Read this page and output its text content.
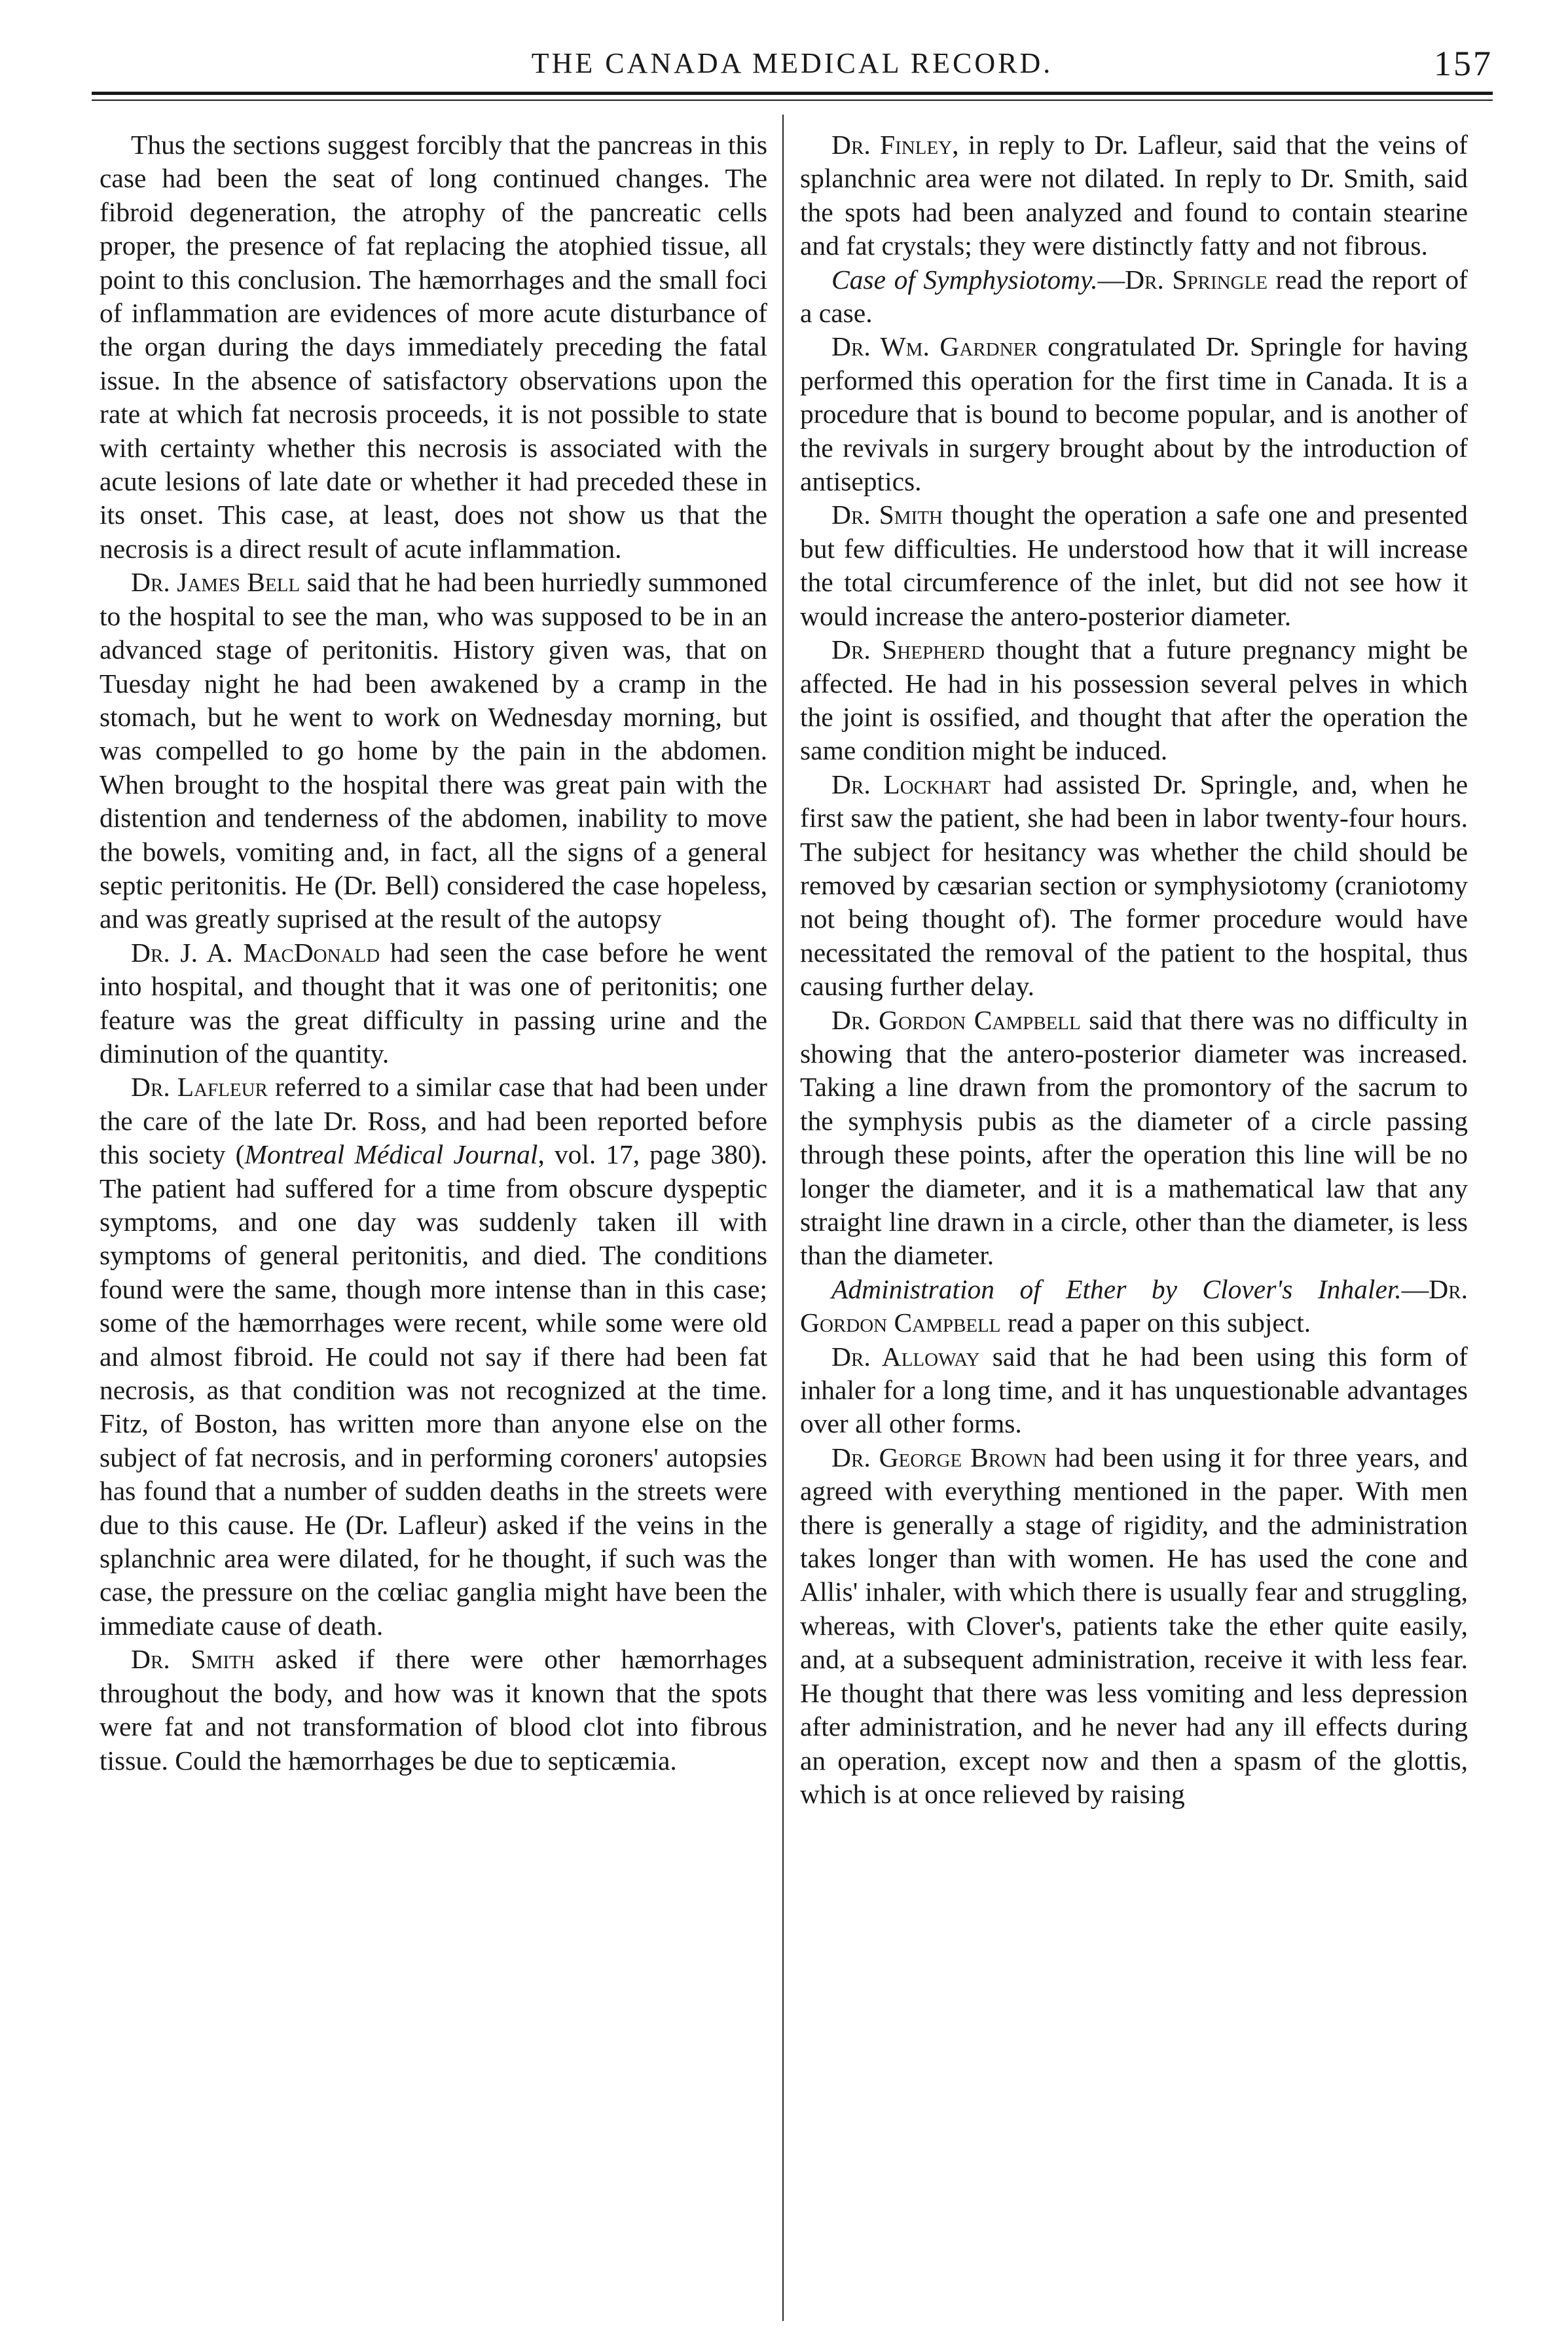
THE CANADA MEDICAL RECORD.	157

Thus the sections suggest forcibly that the pancreas in this case had been the seat of long continued changes. The fibroid degeneration, the atrophy of the pancreatic cells proper, the presence of fat replacing the atophied tissue, all point to this conclusion. The hæmorrhages and the small foci of inflammation are evidences of more acute disturbance of the organ during the days immediately preceding the fatal issue. In the absence of satisfactory observations upon the rate at which fat necrosis proceeds, it is not possible to state with certainty whether this necrosis is associated with the acute lesions of late date or whether it had preceded these in its onset. This case, at least, does not show us that the necrosis is a direct result of acute inflammation.

Dr. James Bell said that he had been hurriedly summoned to the hospital to see the man, who was supposed to be in an advanced stage of peritonitis. History given was, that on Tuesday night he had been awakened by a cramp in the stomach, but he went to work on Wednesday morning, but was compelled to go home by the pain in the abdomen. When brought to the hospital there was great pain with the distention and tenderness of the abdomen, inability to move the bowels, vomiting and, in fact, all the signs of a general septic peritonitis. He (Dr. Bell) considered the case hopeless, and was greatly suprised at the result of the autopsy

Dr. J. A. MacDonald had seen the case before he went into hospital, and thought that it was one of peritonitis; one feature was the great difficulty in passing urine and the diminution of the quantity.

Dr. Lafleur referred to a similar case that had been under the care of the late Dr. Ross, and had been reported before this society (Montreal Médical Journal, vol. 17, page 380). The patient had suffered for a time from obscure dyspeptic symptoms, and one day was suddenly taken ill with symptoms of general peritonitis, and died. The conditions found were the same, though more intense than in this case; some of the hæmorrhages were recent, while some were old and almost fibroid. He could not say if there had been fat necrosis, as that condition was not recognized at the time. Fitz, of Boston, has written more than anyone else on the subject of fat necrosis, and in performing coroners' autopsies has found that a number of sudden deaths in the streets were due to this cause. He (Dr. Lafleur) asked if the veins in the splanchnic area were dilated, for he thought, if such was the case, the pressure on the cœliac ganglia might have been the immediate cause of death.

Dr. Smith asked if there were other hæmorrhages throughout the body, and how was it known that the spots were fat and not transformation of blood clot into fibrous tissue. Could the hæmorrhages be due to septicæmia.

Dr. Finley, in reply to Dr. Lafleur, said that the veins of splanchnic area were not dilated. In reply to Dr. Smith, said the spots had been analyzed and found to contain stearine and fat crystals; they were distinctly fatty and not fibrous.

Case of Symphysiotomy.—Dr. Springle read the report of a case.

Dr. Wm. Gardner congratulated Dr. Springle for having performed this operation for the first time in Canada. It is a procedure that is bound to become popular, and is another of the revivals in surgery brought about by the introduction of antiseptics.

Dr. Smith thought the operation a safe one and presented but few difficulties. He understood how that it will increase the total circumference of the inlet, but did not see how it would increase the antero-posterior diameter.

Dr. Shepherd thought that a future pregnancy might be affected. He had in his possession several pelves in which the joint is ossified, and thought that after the operation the same condition might be induced.

Dr. Lockhart had assisted Dr. Springle, and, when he first saw the patient, she had been in labor twenty-four hours. The subject for hesitancy was whether the child should be removed by cæsarian section or symphysiotomy (craniotomy not being thought of). The former procedure would have necessitated the removal of the patient to the hospital, thus causing further delay.

Dr. Gordon Campbell said that there was no difficulty in showing that the antero-posterior diameter was increased. Taking a line drawn from the promontory of the sacrum to the symphysis pubis as the diameter of a circle passing through these points, after the operation this line will be no longer the diameter, and it is a mathematical law that any straight line drawn in a circle, other than the diameter, is less than the diameter.

Administration of Ether by Clover's Inhaler.—Dr. Gordon Campbell read a paper on this subject.

Dr. Alloway said that he had been using this form of inhaler for a long time, and it has unquestionable advantages over all other forms.

Dr. George Brown had been using it for three years, and agreed with everything mentioned in the paper. With men there is generally a stage of rigidity, and the administration takes longer than with women. He has used the cone and Allis' inhaler, with which there is usually fear and struggling, whereas, with Clover's, patients take the ether quite easily, and, at a subsequent administration, receive it with less fear. He thought that there was less vomiting and less depression after administration, and he never had any ill effects during an operation, except now and then a spasm of the glottis, which is at once relieved by raising
